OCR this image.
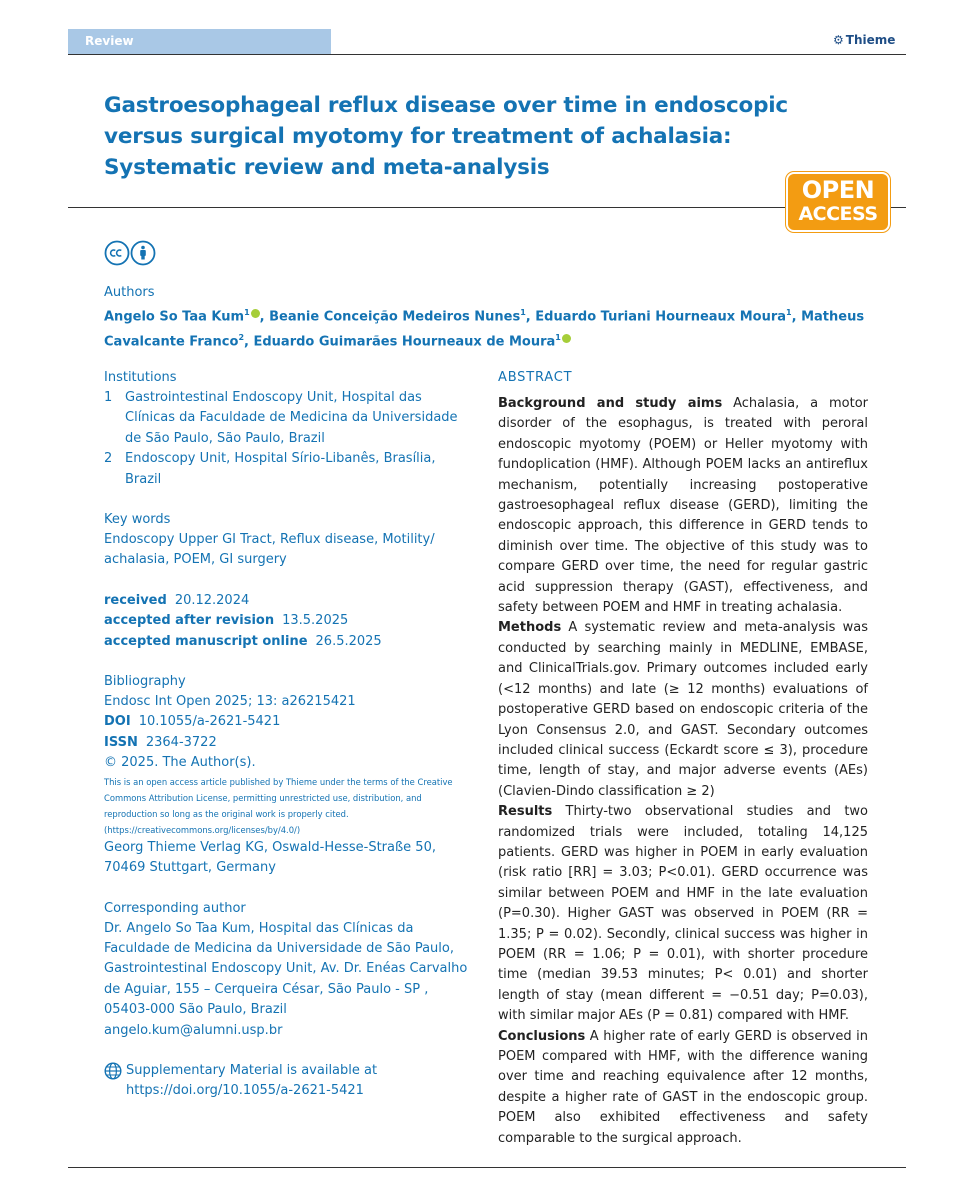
Review	⚙ Thieme
Gastroesophageal reflux disease over time in endoscopic versus surgical myotomy for treatment of achalasia: Systematic review and meta-analysis
OPEN
ACCESS
Authors
Angelo So Taa Kum$^1$ , Beanie Conceição Medeiros Nunes$^1$, Eduardo Turiani Hourneaux Moura$^1$, Matheus Cavalcante Franco$^2$, Eduardo Guimarães Hourneaux de Moura$^1$
Institutions
1 Gastrointestinal Endoscopy Unit, Hospital das Clínicas da Faculdade de Medicina da Universidade de São Paulo, São Paulo, Brazil
2 Endoscopy Unit, Hospital Sírio-Libanês, Brasília, Brazil
Key words
Endoscopy Upper GI Tract, Reflux disease, Motility/ achalasia, POEM, GI surgery
received 20.12.2024
accepted after revision 13.5.2025
accepted manuscript online 26.5.2025
Bibliography
Endosc Int Open 2025; 13: a26215421
DOI 10.1055/a-2621-5421
ISSN 2364-3722
© 2025. The Author(s).
This is an open access article published by Thieme under the terms of the Creative Commons Attribution License, permitting unrestricted use, distribution, and reproduction so long as the original work is properly cited. (https://creativecommons.org/licenses/by/4.0/)
Georg Thieme Verlag KG, Oswald-Hesse-Straße 50,
70469 Stuttgart, Germany
Corresponding author
Dr. Angelo So Taa Kum, Hospital das Clínicas da Faculdade de Medicina da Universidade de São Paulo, Gastrointestinal Endoscopy Unit, Av. Dr. Enéas Carvalho de Aguiar, 155 – Cerqueira César, São Paulo - SP , 05403-000 São Paulo, Brazil
angelo.kum@alumni.usp.br
Supplementary Material is available at
https://doi.org/10.1055/a-2621-5421
ABSTRACT

Background and study aims Achalasia, a motor disorder of the esophagus, is treated with peroral endoscopic myotomy (POEM) or Heller myotomy with fundoplication (HMF). Although POEM lacks an antireflux mechanism, potentially increasing postoperative gastroesophageal reflux disease (GERD), limiting the endoscopic approach, this difference in GERD tends to diminish over time. The objective of this study was to compare GERD over time, the need for regular gastric acid suppression therapy (GAST), effectiveness, and safety between POEM and HMF in treating achalasia.

Methods A systematic review and meta-analysis was conducted by searching mainly in MEDLINE, EMBASE, and ClinicalTrials.gov. Primary outcomes included early (<12 months) and late (≥ 12 months) evaluations of postoperative GERD based on endoscopic criteria of the Lyon Consensus 2.0, and GAST. Secondary outcomes included clinical success (Eckardt score ≤ 3), procedure time, length of stay, and major adverse events (AEs) (Clavien-Dindo classification ≥ 2)

Results Thirty-two observational studies and two randomized trials were included, totaling 14,125 patients. GERD was higher in POEM in early evaluation (risk ratio [RR] = 3.03; P<0.01). GERD occurrence was similar between POEM and HMF in the late evaluation (P=0.30). Higher GAST was observed in POEM (RR = 1.35; P = 0.02). Secondly, clinical success was higher in POEM (RR = 1.06; P = 0.01), with shorter procedure time (median 39.53 minutes; P< 0.01) and shorter length of stay (mean different = −0.51 day; P=0.03), with similar major AEs (P = 0.81) compared with HMF.

Conclusions A higher rate of early GERD is observed in POEM compared with HMF, with the difference waning over time and reaching equivalence after 12 months, despite a higher rate of GAST in the endoscopic group. POEM also exhibited effectiveness and safety comparable to the surgical approach.
